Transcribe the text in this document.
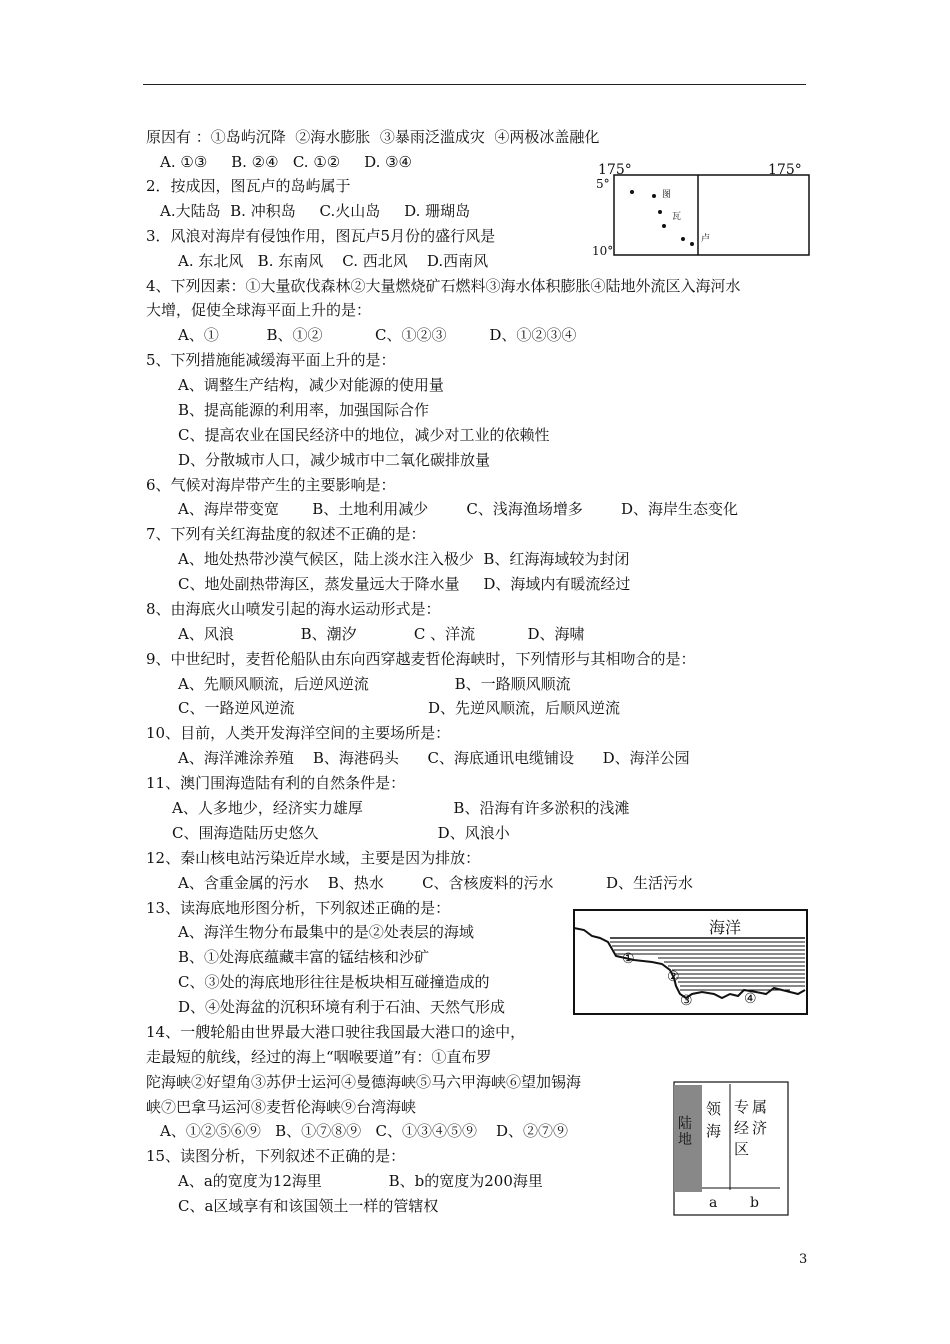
原因有 ：①岛屿沉降  ②海水膨胀  ③暴雨泛滥成灾  ④两极冰盖融化
A. ①③     B. ②④   C. ①②     D. ③④
2．按成因，图瓦卢的岛屿属于
A.大陆岛  B. 冲积岛     C.火山岛     D. 珊瑚岛
3．风浪对海岸有侵蚀作用，图瓦卢5月份的盛行风是
A. 东北风   B. 东南风    C. 西北风    D.西南风
4、下列因素：①大量砍伐森林②大量燃烧矿石燃料③海水体积膨胀④陆地外流区入海河水
大增，促使全球海平面上升的是：
A、①          B、①②           C、①②③         D、①②③④
5、下列措施能减缓海平面上升的是：
A、调整生产结构，减少对能源的使用量
B、提高能源的利用率，加强国际合作
C、提高农业在国民经济中的地位，减少对工业的依赖性
D、分散城市人口，减少城市中二氧化碳排放量
6、气候对海岸带产生的主要影响是：
A、海岸带变宽       B、土地利用减少        C、浅海渔场增多        D、海岸生态变化
7、下列有关红海盐度的叙述不正确的是：
A、地处热带沙漠气候区，陆上淡水注入极少  B、红海海域较为封闭
C、地处副热带海区，蒸发量远大于降水量     D、海域内有暖流经过
8、由海底火山喷发引起的海水运动形式是：
A、风浪              B、潮汐            C 、洋流           D、海啸
9、中世纪时，麦哲伦船队由东向西穿越麦哲伦海峡时，下列情形与其相吻合的是：
A、先顺风顺流，后逆风逆流                  B、一路顺风顺流
C、一路逆风逆流                            D、先逆风顺流，后顺风逆流
10、目前，人类开发海洋空间的主要场所是：
A、海洋滩涂养殖    B、海港码头      C、海底通讯电缆铺设      D、海洋公园
11、澳门围海造陆有利的自然条件是：
A、人多地少，经济实力雄厚                   B、沿海有许多淤积的浅滩
C、围海造陆历史悠久                         D、风浪小
12、秦山核电站污染近岸水域，主要是因为排放：
A、含重金属的污水    B、热水        C、含核废料的污水           D、生活污水
13、读海底地形图分析，下列叙述正确的是：
A、海洋生物分布最集中的是②处表层的海域
B、①处海底蕴藏丰富的锰结核和沙矿
C、③处的海底地形往往是板块相互碰撞造成的
D、④处海盆的沉积环境有利于石油、天然气形成
14、一艘轮船由世界最大港口驶往我国最大港口的途中，
走最短的航线，经过的海上“咽喉要道”有：①直布罗
陀海峡②好望角③苏伊士运河④曼德海峡⑤马六甲海峡⑥望加锡海
峡⑦巴拿马运河⑧麦哲伦海峡⑨台湾海峡
A、①②⑤⑥⑨   B、①⑦⑧⑨   C、①③④⑤⑨    D、②⑦⑨
15、读图分析，下列叙述不正确的是：
A、a的宽度为12海里              B、b的宽度为200海里
C、a区域享有和该国领土一样的管辖权
175°	175°
5°
10°
图
瓦
卢
海洋
①
②
③	④
陆地
领海
专 属经 济区
a b
3
